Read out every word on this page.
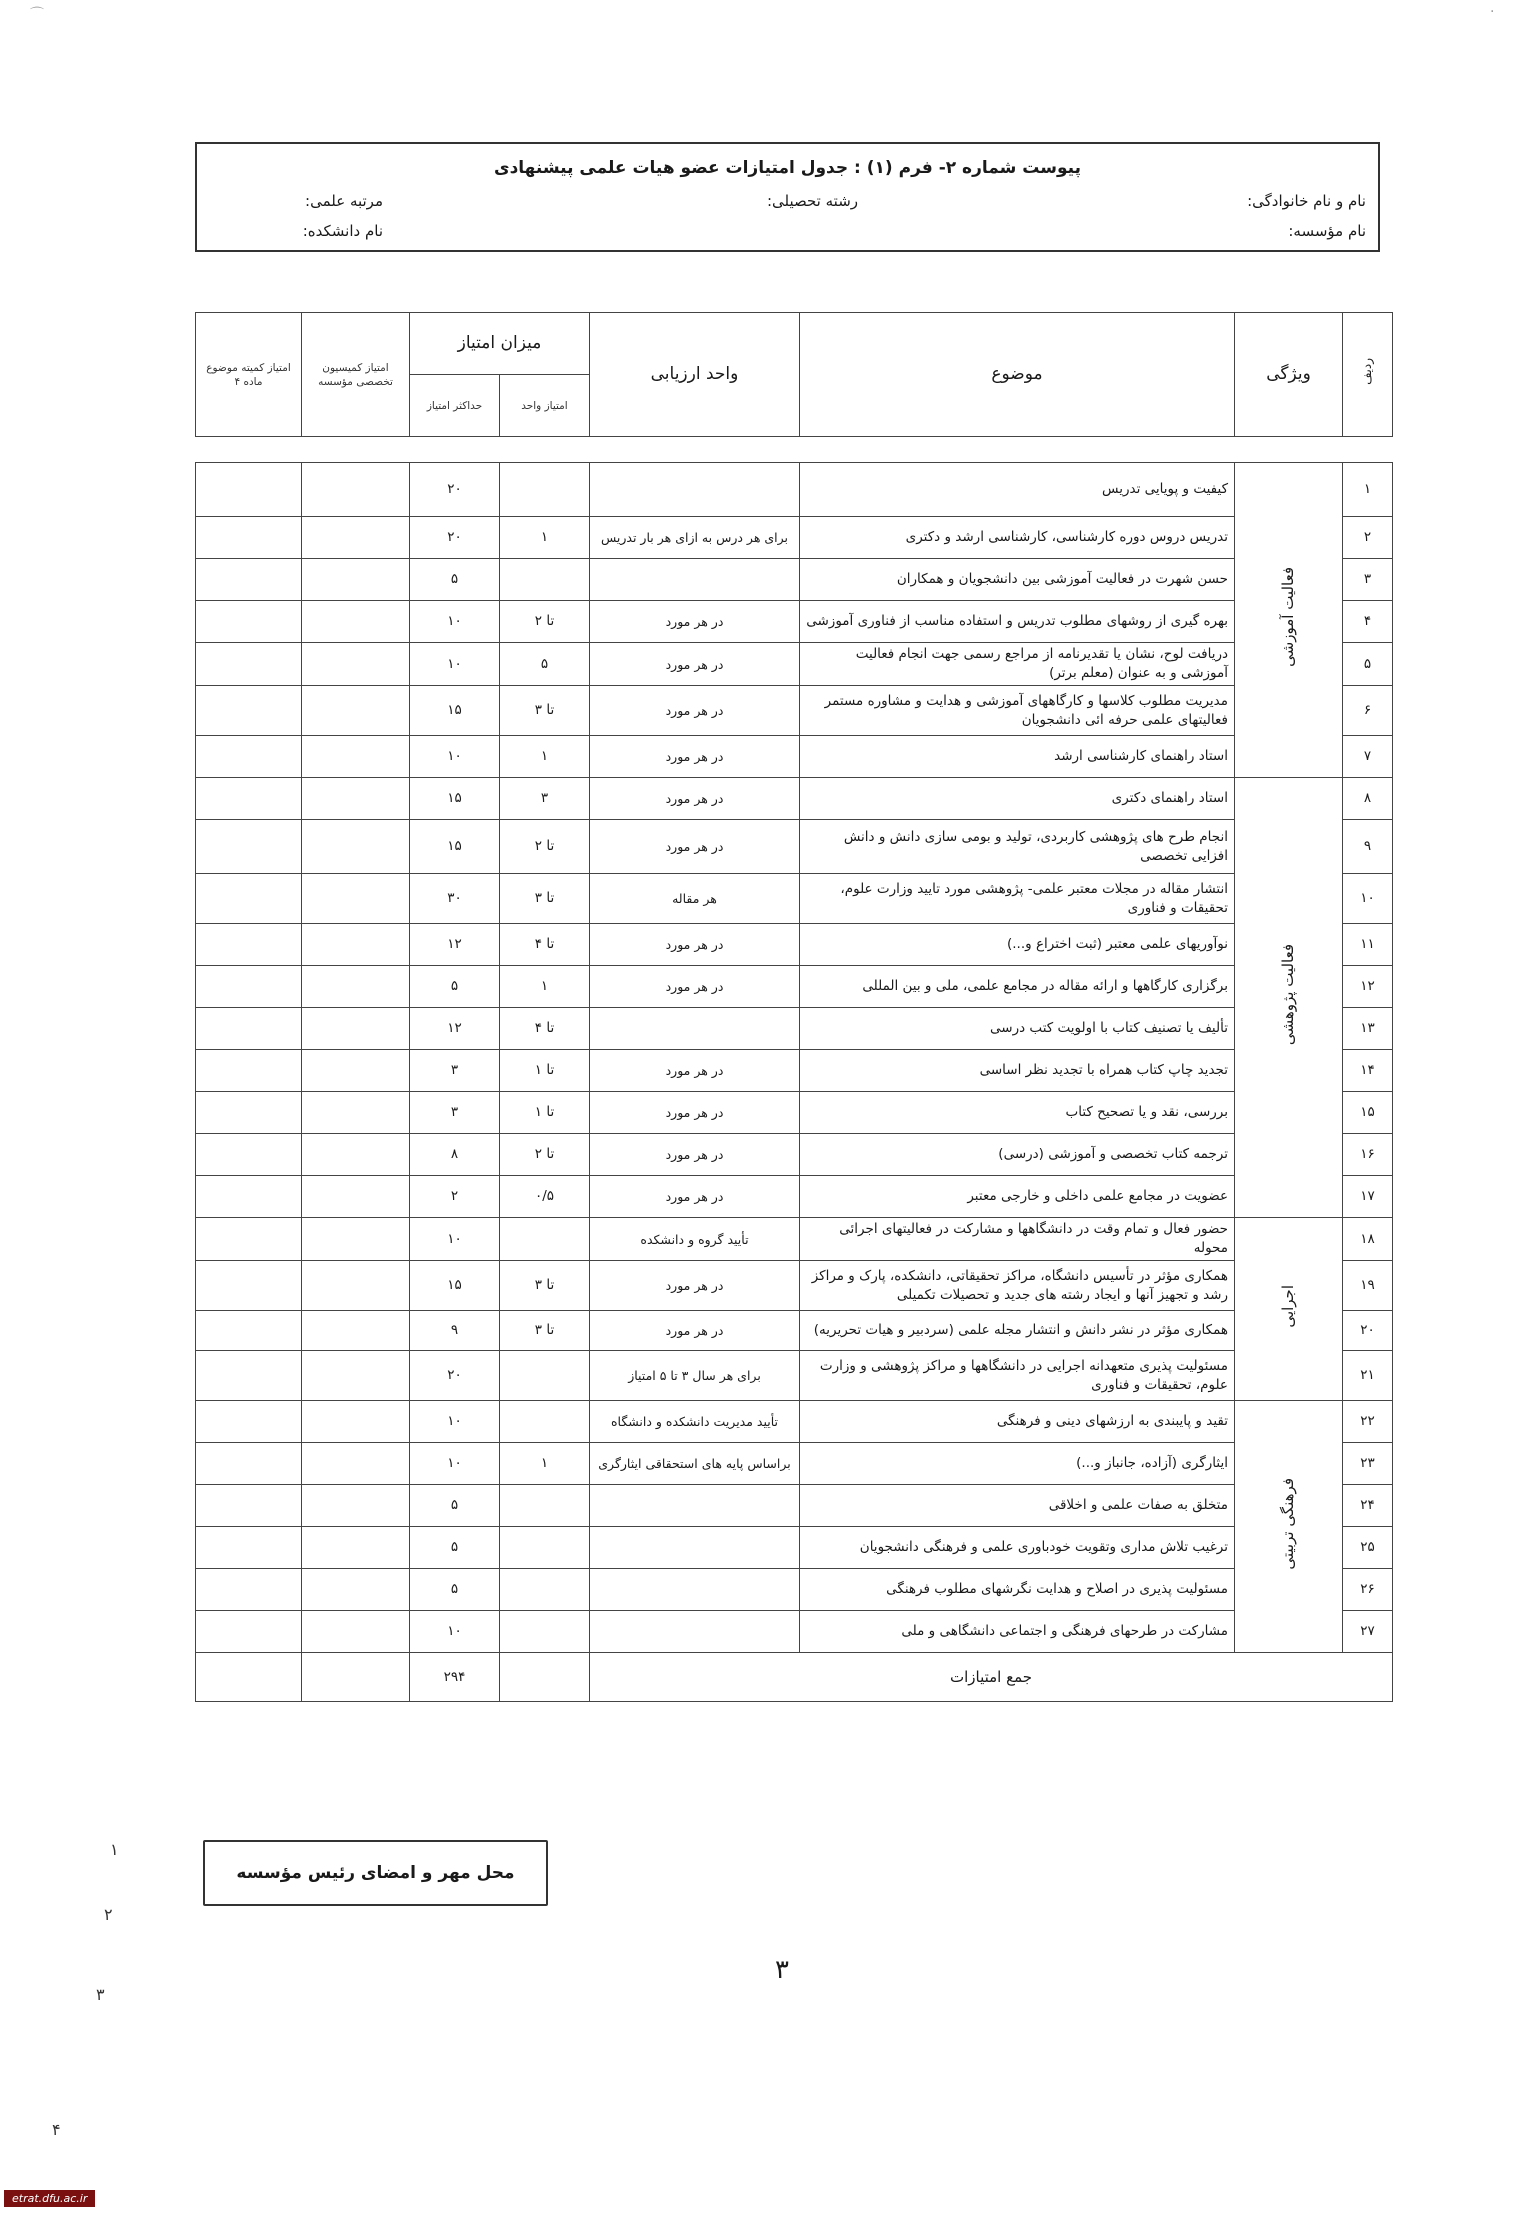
⌒	·
پیوست شماره ۲- فرم (۱) : جدول امتیازات عضو هیات علمی پیشنهادی
نام و نام خانوادگی:
رشته تحصیلی:
مرتبه علمی:
نام مؤسسه:
نام دانشکده:
ردیف	ویژگی	موضوع	واحد ارزیابی	میزان امتیاز		امتیاز کمیسیون تخصصی مؤسسه	امتیاز کمیته موضوع ماده ۴
				امتیاز واحد	حداکثر امتیاز		

۱	فعالیت آموزشی	کیفیت و پویایی تدریس			۲۰		
۲		تدریس دروس دوره کارشناسی، کارشناسی ارشد و دکتری	برای هر درس به ازای هر بار تدریس	۱	۲۰		
۳		حسن شهرت در فعالیت آموزشی بین دانشجویان و همکاران			۵		
۴		بهره گیری از روشهای مطلوب تدریس و استفاده مناسب از فناوری آموزشی	در هر مورد	تا ۲	۱۰		
۵		دریافت لوح، نشان یا تقدیرنامه از مراجع رسمی جهت انجام فعالیت آموزشی و به عنوان (معلم برتر)	در هر مورد	۵	۱۰		
۶		مدیریت مطلوب کلاسها و کارگاههای آموزشی و هدایت و مشاوره مستمر فعالیتهای علمی حرفه ائی دانشجویان	در هر مورد	تا ۳	۱۵		
۷		استاد راهنمای کارشناسی ارشد	در هر مورد	۱	۱۰		
۸	فعالیت پژوهشی	استاد راهنمای دکتری	در هر مورد	۳	۱۵		
۹		انجام طرح های پژوهشی کاربردی، تولید و بومی سازی دانش و دانش افزایی تخصصی	در هر مورد	تا ۲	۱۵		
۱۰		انتشار مقاله در مجلات معتبر علمی- پژوهشی مورد تایید وزارت علوم، تحقیقات و فناوری	هر مقاله	تا ۳	۳۰		
۱۱		نوآوریهای علمی معتبر (ثبت اختراع و...)	در هر مورد	تا ۴	۱۲		
۱۲		برگزاری کارگاهها و ارائه مقاله در مجامع علمی، ملی و بین المللی	در هر مورد	۱	۵		
۱۳		تألیف یا تصنیف کتاب با اولویت کتب درسی		تا ۴	۱۲		
۱۴		تجدید چاپ کتاب همراه با تجدید نظر اساسی	در هر مورد	تا ۱	۳		
۱۵		بررسی، نقد و یا تصحیح کتاب	در هر مورد	تا ۱	۳		
۱۶		ترجمه کتاب تخصصی و آموزشی (درسی)	در هر مورد	تا ۲	۸		
۱۷		عضویت در مجامع علمی داخلی و خارجی معتبر	در هر مورد	۰/۵	۲		
۱۸	اجرایی	حضور فعال و تمام وقت در دانشگاهها و مشارکت در فعالیتهای اجرائی محوله	تأیید گروه و دانشکده		۱۰		
۱۹		همکاری مؤثر در تأسیس دانشگاه، مراکز تحقیقاتی، دانشکده، پارک و مراکز رشد و تجهیز آنها و ایجاد رشته های جدید و تحصیلات تکمیلی	در هر مورد	تا ۳	۱۵		
۲۰		همکاری مؤثر در نشر دانش و انتشار مجله علمی (سردبیر و هیات تحریریه)	در هر مورد	تا ۳	۹		
۲۱		مسئولیت پذیری متعهدانه اجرایی در دانشگاهها و مراکز پژوهشی و وزارت علوم، تحقیقات و فناوری	برای هر سال ۳ تا ۵ امتیاز		۲۰		
۲۲	فرهنگی تربیتی	تقید و پایبندی به ارزشهای دینی و فرهنگی	تأیید مدیریت دانشکده و دانشگاه		۱۰		
۲۳		ایثارگری (آزاده، جانباز و...)	براساس پایه های استحقاقی ایثارگری	۱	۱۰		
۲۴		متخلق به صفات علمی و اخلاقی			۵		
۲۵		ترغیب تلاش مداری وتقویت خودباوری علمی و فرهنگی دانشجویان			۵		
۲۶		مسئولیت پذیری در اصلاح و هدایت نگرشهای مطلوب فرهنگی			۵		
۲۷		مشارکت در طرحهای فرهنگی و اجتماعی دانشگاهی و ملی			۱۰		
جمع امتیازات					۲۹۴		
محل مهر و امضای رئیس مؤسسه
۳
۱
۲
۳
۴
etrat.dfu.ac.ir
